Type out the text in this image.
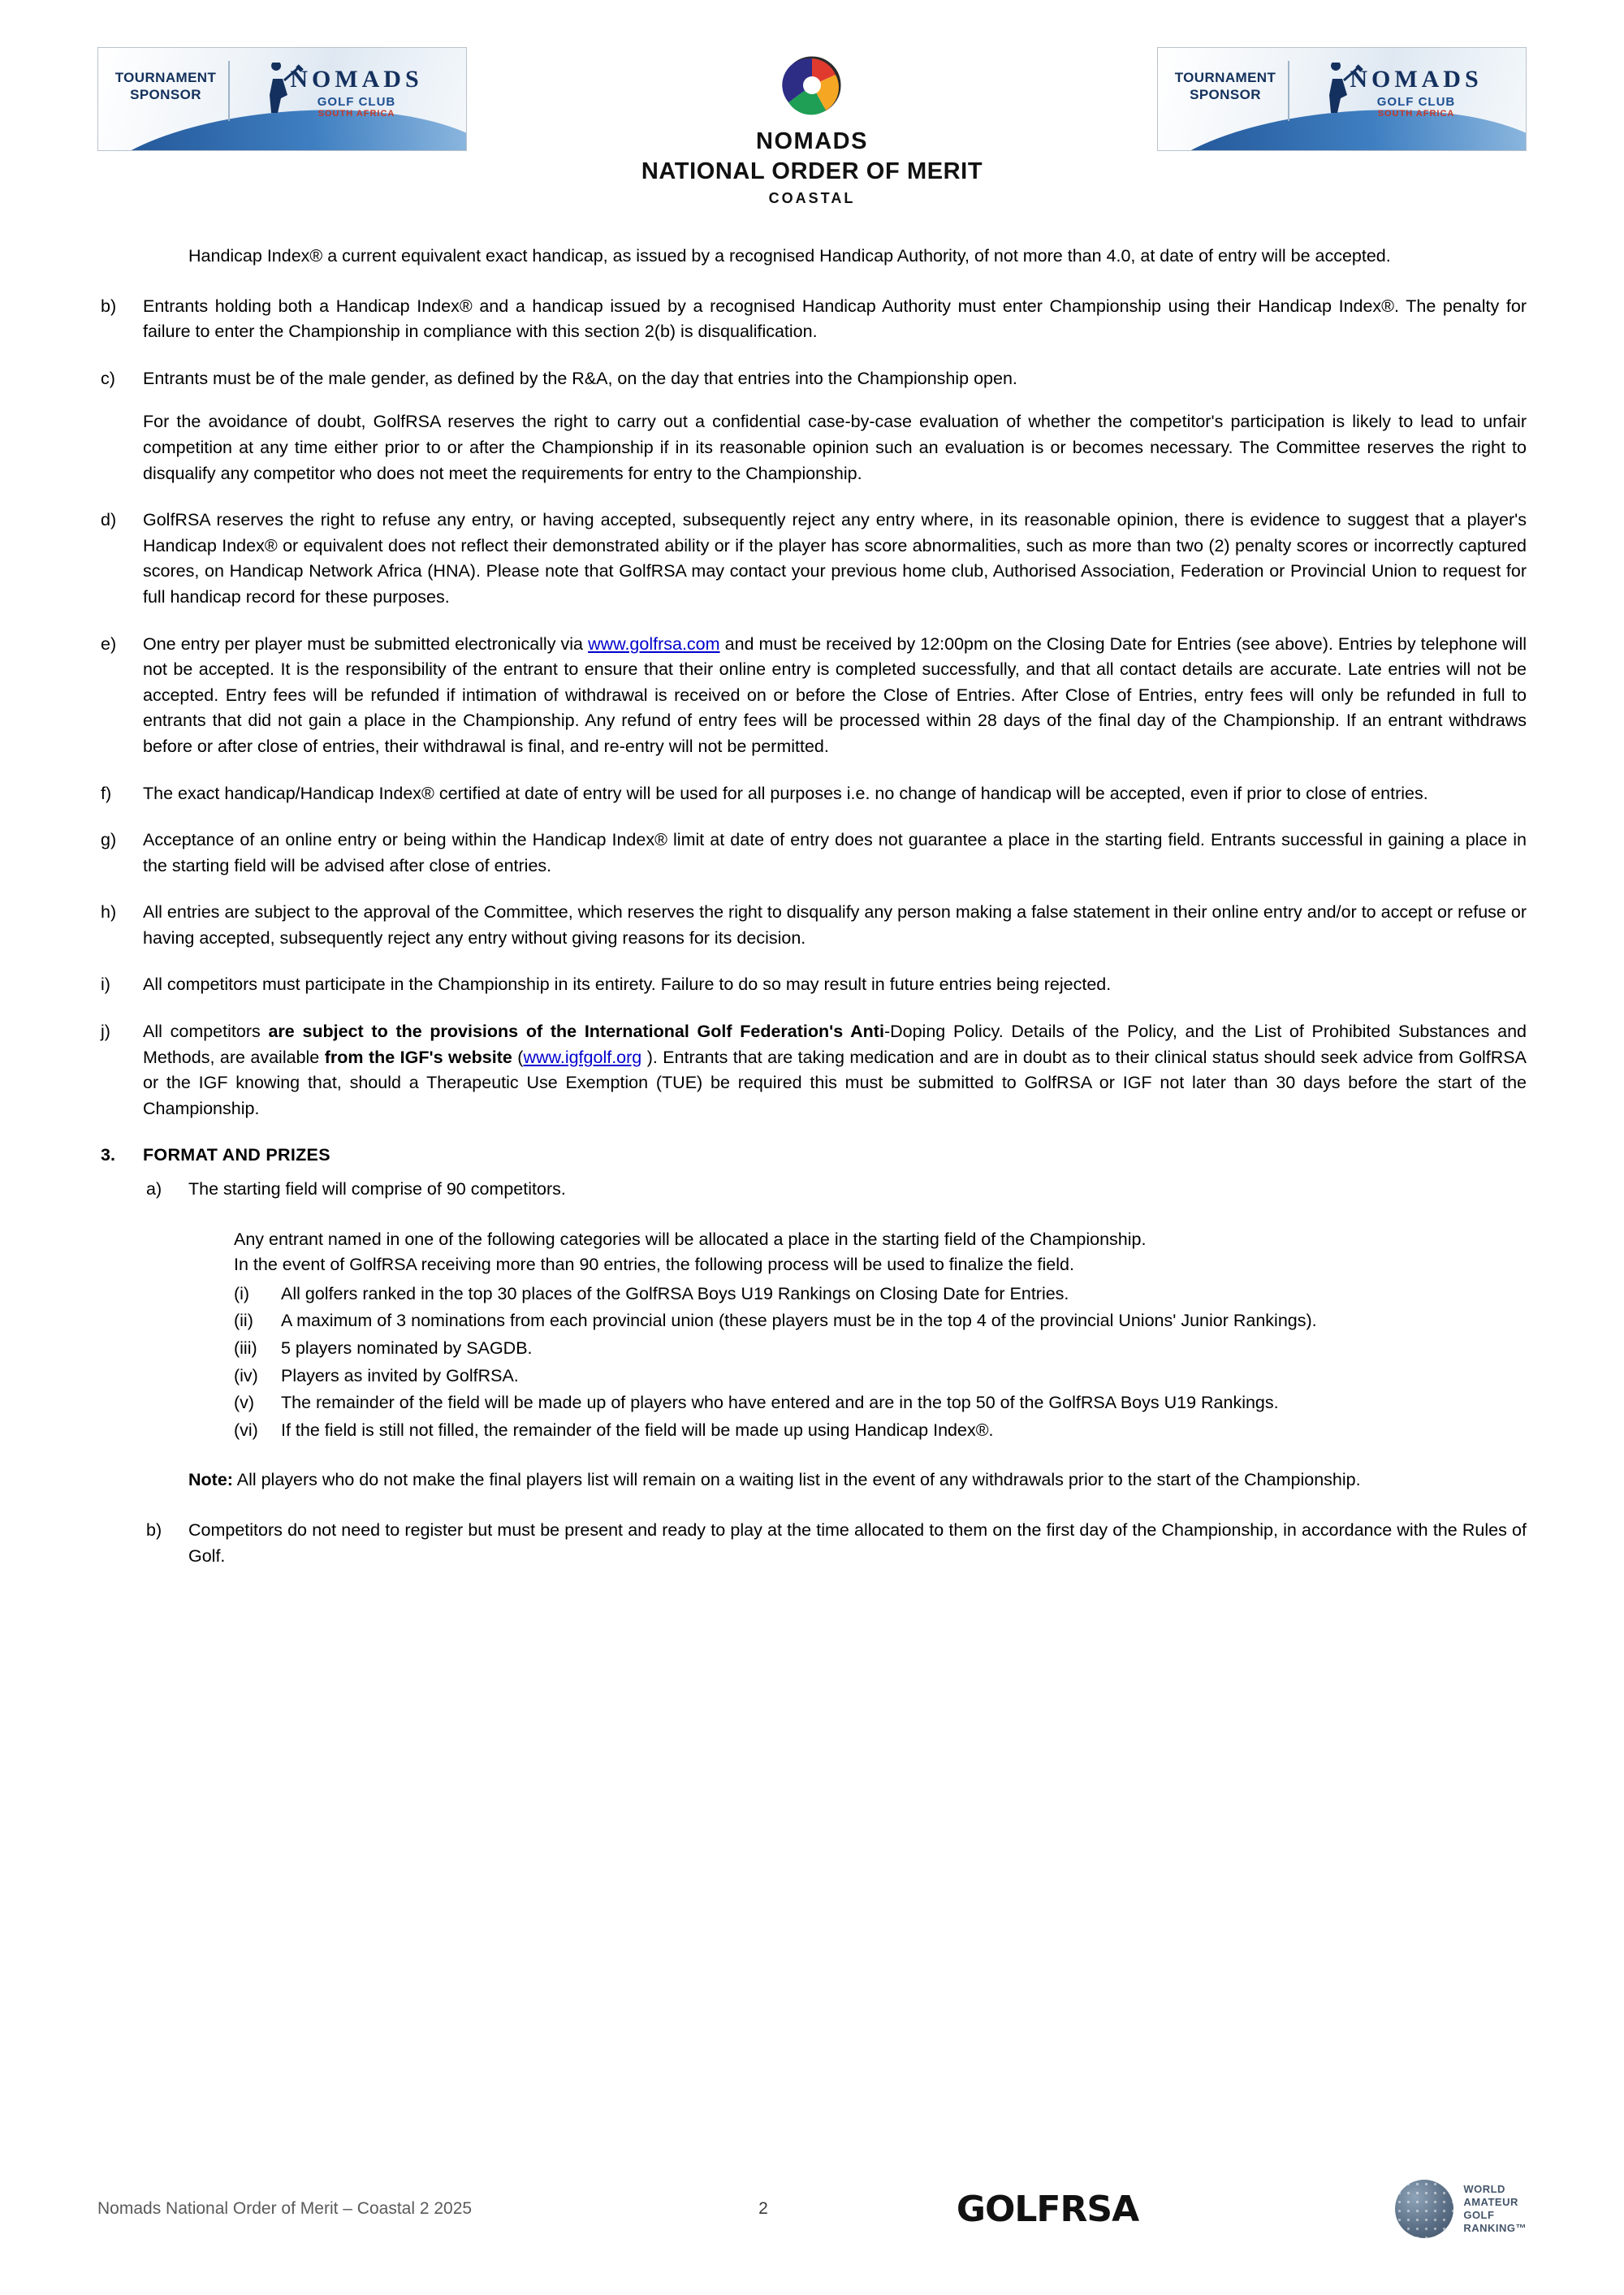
TOURNAMENT SPONSOR
NOMADS
GOLF CLUB
SOUTH AFRICA
NOMADS
NATIONAL ORDER OF MERIT
COASTAL
TOURNAMENT SPONSOR
NOMADS
GOLF CLUB
SOUTH AFRICA
Handicap Index® a current equivalent exact handicap, as issued by a recognised Handicap Authority, of not more than 4.0, at date of entry will be accepted.
b)	Entrants holding both a Handicap Index® and a handicap issued by a recognised Handicap Authority must enter Championship using their Handicap Index®. The penalty for failure to enter the Championship in compliance with this section 2(b) is disqualification.
c)	Entrants must be of the male gender, as defined by the R&A, on the day that entries into the Championship open.
For the avoidance of doubt, GolfRSA reserves the right to carry out a confidential case-by-case evaluation of whether the competitor's participation is likely to lead to unfair competition at any time either prior to or after the Championship if in its reasonable opinion such an evaluation is or becomes necessary. The Committee reserves the right to disqualify any competitor who does not meet the requirements for entry to the Championship.
d)	GolfRSA reserves the right to refuse any entry, or having accepted, subsequently reject any entry where, in its reasonable opinion, there is evidence to suggest that a player's Handicap Index® or equivalent does not reflect their demonstrated ability or if the player has score abnormalities, such as more than two (2) penalty scores or incorrectly captured scores, on Handicap Network Africa (HNA). Please note that GolfRSA may contact your previous home club, Authorised Association, Federation or Provincial Union to request for full handicap record for these purposes.
e)	One entry per player must be submitted electronically via www.golfrsa.com and must be received by 12:00pm on the Closing Date for Entries (see above). Entries by telephone will not be accepted. It is the responsibility of the entrant to ensure that their online entry is completed successfully, and that all contact details are accurate. Late entries will not be accepted. Entry fees will be refunded if intimation of withdrawal is received on or before the Close of Entries. After Close of Entries, entry fees will only be refunded in full to entrants that did not gain a place in the Championship. Any refund of entry fees will be processed within 28 days of the final day of the Championship. If an entrant withdraws before or after close of entries, their withdrawal is final, and re-entry will not be permitted.
f)	The exact handicap/Handicap Index® certified at date of entry will be used for all purposes i.e. no change of handicap will be accepted, even if prior to close of entries.
g)	Acceptance of an online entry or being within the Handicap Index® limit at date of entry does not guarantee a place in the starting field. Entrants successful in gaining a place in the starting field will be advised after close of entries.
h)	All entries are subject to the approval of the Committee, which reserves the right to disqualify any person making a false statement in their online entry and/or to accept or refuse or having accepted, subsequently reject any entry without giving reasons for its decision.
i)	All competitors must participate in the Championship in its entirety. Failure to do so may result in future entries being rejected.
j)	All competitors are subject to the provisions of the International Golf Federation's Anti-Doping Policy. Details of the Policy, and the List of Prohibited Substances and Methods, are available from the IGF's website (www.igfgolf.org ). Entrants that are taking medication and are in doubt as to their clinical status should seek advice from GolfRSA or the IGF knowing that, should a Therapeutic Use Exemption (TUE) be required this must be submitted to GolfRSA or IGF not later than 30 days before the start of the Championship.
3.	FORMAT AND PRIZES
a)	The starting field will comprise of 90 competitors.
Any entrant named in one of the following categories will be allocated a place in the starting field of the Championship.
In the event of GolfRSA receiving more than 90 entries, the following process will be used to finalize the field.
(i)	All golfers ranked in the top 30 places of the GolfRSA Boys U19 Rankings on Closing Date for Entries.
(ii)	A maximum of 3 nominations from each provincial union (these players must be in the top 4 of the provincial Unions' Junior Rankings).
(iii)	5 players nominated by SAGDB.
(iv)	Players as invited by GolfRSA.
(v)	The remainder of the field will be made up of players who have entered and are in the top 50 of the GolfRSA Boys U19 Rankings.
(vi)	If the field is still not filled, the remainder of the field will be made up using Handicap Index®.
Note: All players who do not make the final players list will remain on a waiting list in the event of any withdrawals prior to the start of the Championship.
b)	Competitors do not need to register but must be present and ready to play at the time allocated to them on the first day of the Championship, in accordance with the Rules of Golf.
Nomads National Order of Merit – Coastal 2 2025	2	GOLFRSA	WORLD
AMATEUR
GOLF
RANKING™
